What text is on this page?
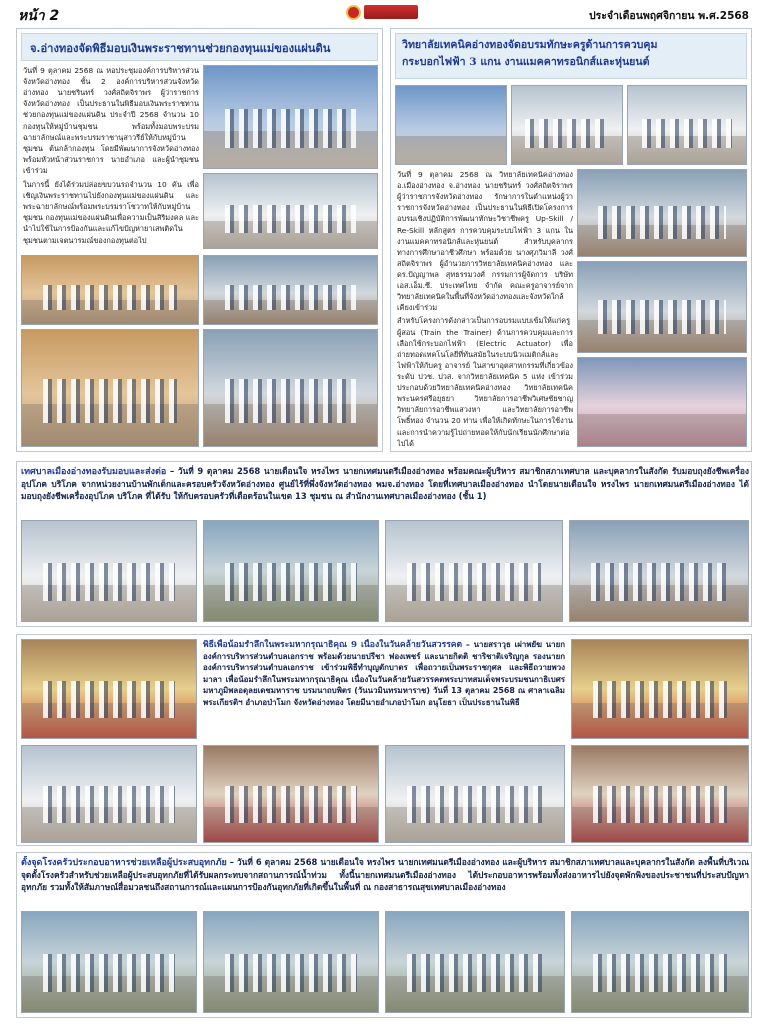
หน้า 2	ประจำเดือนพฤศจิกายน พ.ศ.2568
จ.อ่างทองจัดพิธีมอบเงินพระราชทานช่วยกองทุนแม่ของแผ่นดิน
วันที่ 9 ตุลาคม 2568 ณ หอประชุมองค์การบริหารส่วนจังหวัดอ่างทอง ชั้น 2 องค์การบริหารส่วนจังหวัดอ่างทอง นายชรินทร์ วงศ์สถิตจิราพร ผู้ว่าราชการจังหวัดอ่างทอง เป็นประธานในพิธีมอบเงินพระราชทานช่วยกองทุนแม่ของแผ่นดิน ประจำปี 2568 จำนวน 10 กองทุนให้หมู่บ้านชุมชน พร้อมทั้งมอบพระบรมฉายาลักษณ์และพระบรมราชานุสาวรีย์ให้กับหมู่บ้านชุมชน ต้นกล้ากองทุน โดยมีพัฒนาการจังหวัดอ่างทอง พร้อมหัวหน้าส่วนราชการ นายอำเภอ และผู้นำชุมชนเข้าร่วม
ในการนี้ ยังได้ร่วมปล่อยขบวนรถจำนวน 10 คัน เพื่อเชิญเงินพระราชทานไปยังกองทุนแม่ของแผ่นดิน และพระฉายาลักษณ์พร้อมพระบรมราโชวาทให้กับหมู่บ้านชุมชน กองทุนแม่ของแผ่นดินเพื่อความเป็นสิริมงคล และนำไปใช้ในการป้องกันและแก้ไขปัญหายาเสพติดในชุมชนตามเจตนารมณ์ของกองทุนต่อไป
วิทยาลัยเทคนิคอ่างทองจัดอบรมทักษะครูด้านการควบคุม
กระบอกไฟฟ้า 3 แกน งานแมคคาทรอนิกส์และหุ่นยนต์
วันที่ 9 ตุลาคม 2568 ณ วิทยาลัยเทคนิคอ่างทอง อ.เมืองอ่างทอง จ.อ่างทอง นายชรินทร์ วงศ์สถิตจิราพร ผู้ว่าราชการจังหวัดอ่างทอง รักษาการในตำแหน่งผู้ว่าราชการจังหวัดอ่างทอง เป็นประธานในพิธีเปิดโครงการอบรมเชิงปฏิบัติการพัฒนาทักษะวิชาชีพครู Up-Skill / Re-Skill หลักสูตร การควบคุมระบบไฟฟ้า 3 แกน ในงานแมคคาทรอนิกส์และหุ่นยนต์ สำหรับบุคลากรทางการศึกษาอาชีวศึกษา พร้อมด้วย นางศุภวิมาลี วงศ์สถิตจิราพร ผู้อำนวยการวิทยาลัยเทคนิคอ่างทอง และ ดร.ปัญญาพล สุทธรรมวงศ์ กรรมการผู้จัดการ บริษัท เอส.เอ็ม.ซี. ประเทศไทย จำกัด คณะครูอาจารย์จากวิทยาลัยเทคนิคในพื้นที่จังหวัดอ่างทองและจังหวัดใกล้เคียงเข้าร่วม
สำหรับโครงการดังกล่าวเป็นการอบรมแบบเข้มให้แก่ครูผู้สอน (Train the Trainer) ด้านการควบคุมและการเลือกใช้กระบอกไฟฟ้า (Electric Actuator) เพื่อถ่ายทอดเทคโนโลยีที่ทันสมัยในระบบนิวแมติกส์และไฟฟ้าให้กับครู อาจารย์ ในสาขาอุตสาหกรรมที่เกี่ยวข้องระดับ ปวช. ปวส. จากวิทยาลัยเทคนิค 5 แห่ง เข้าร่วม ประกอบด้วยวิทยาลัยเทคนิคอ่างทอง วิทยาลัยเทคนิคพระนครศรีอยุธยา วิทยาลัยการอาชีพวิเศษชัยชาญ วิทยาลัยการอาชีพแสวงหา และวิทยาลัยการอาชีพโพธิ์ทอง จำนวน 20 ท่าน เพื่อให้เกิดทักษะในการใช้งานและการนำความรู้ไปถ่ายทอดให้กับนักเรียนนักศึกษาต่อไปได้
เทศบาลเมืองอ่างทองรับมอบและส่งต่อ – วันที่ 9 ตุลาคม 2568 นายเดือนใจ หรงไพร นายกเทศมนตรีเมืองอ่างทอง พร้อมคณะผู้บริหาร สมาชิกสภาเทศบาล และบุคลากรในสังกัด รับมอบถุงยังชีพเครื่องอุปโภค บริโภค จากหน่วยงานบ้านพักเด็กและครอบครัวจังหวัดอ่างทอง ศูนย์ไร้ที่พึ่งจังหวัดอ่างทอง พมจ.อ่างทอง โดยที่เทศบาลเมืองอ่างทอง นำโดยนายเดือนใจ หรงไพร นายกเทศมนตรีเมืองอ่างทอง ได้มอบถุงยังชีพเครื่องอุปโภค บริโภค ที่ได้รับ ให้กับครอบครัวที่เดือดร้อนในเขต 13 ชุมชน ณ สำนักงานเทศบาลเมืองอ่างทอง (ชั้น 1)
พิธีเพื่อน้อมรำลึกในพระมหากรุณาธิคุณ 9 เนื่องในวันคล้ายวันสวรรคต – นายสราวุธ เผ่าพยัฆ นายกองค์การบริหารส่วนตำบลเอกราช พร้อมด้วยนายปรีชา ฟองเพชร์ และนายกิตติ ชาริชาติเจริญกุล รองนายกองค์การบริหารส่วนตำบลเอกราช เข้าร่วมพิธีทำบุญตักบาตร เพื่อถวายเป็นพระราชกุศล และพิธีถวายพวงมาลา เพื่อน้อมรำลึกในพระมหากรุณาธิคุณ เนื่องในวันคล้ายวันสวรรคตพระบาทสมเด็จพระบรมชนกาธิเบศร มหาภูมิพลอดุลยเดชมหาราช บรมนาถบพิตร (วันนวมินทรมหาราช) วันที่ 13 ตุลาคม 2568 ณ ศาลาเฉลิมพระเกียรติฯ อำเภอป่าโมก จังหวัดอ่างทอง โดยมีนายอำเภอป่าโมก อนุโยธา เป็นประธานในพิธี
ตั้งจุดโรงครัวประกอบอาหารช่วยเหลือผู้ประสบอุทกภัย – วันที่ 6 ตุลาคม 2568 นายเดือนใจ หรงไพร นายกเทศมนตรีเมืองอ่างทอง และผู้บริหาร สมาชิกสภาเทศบาลและบุคลากรในสังกัด ลงพื้นที่บริเวณจุดตั้งโรงครัวสำหรับช่วยเหลือผู้ประสบอุทกภัยที่ได้รับผลกระทบจากสถานการณ์น้ำท่วม ทั้งนี้นายกเทศมนตรีเมืองอ่างทอง ได้ประกอบอาหารพร้อมทั้งส่งอาหารไปยังจุดพักพิงของประชาชนที่ประสบปัญหาอุทกภัย รวมทั้งให้สัมภาษณ์สื่อมวลชนถึงสถานการณ์และแผนการป้องกันอุทกภัยที่เกิดขึ้นในพื้นที่ ณ กองสาธารณสุขเทศบาลเมืองอ่างทอง
